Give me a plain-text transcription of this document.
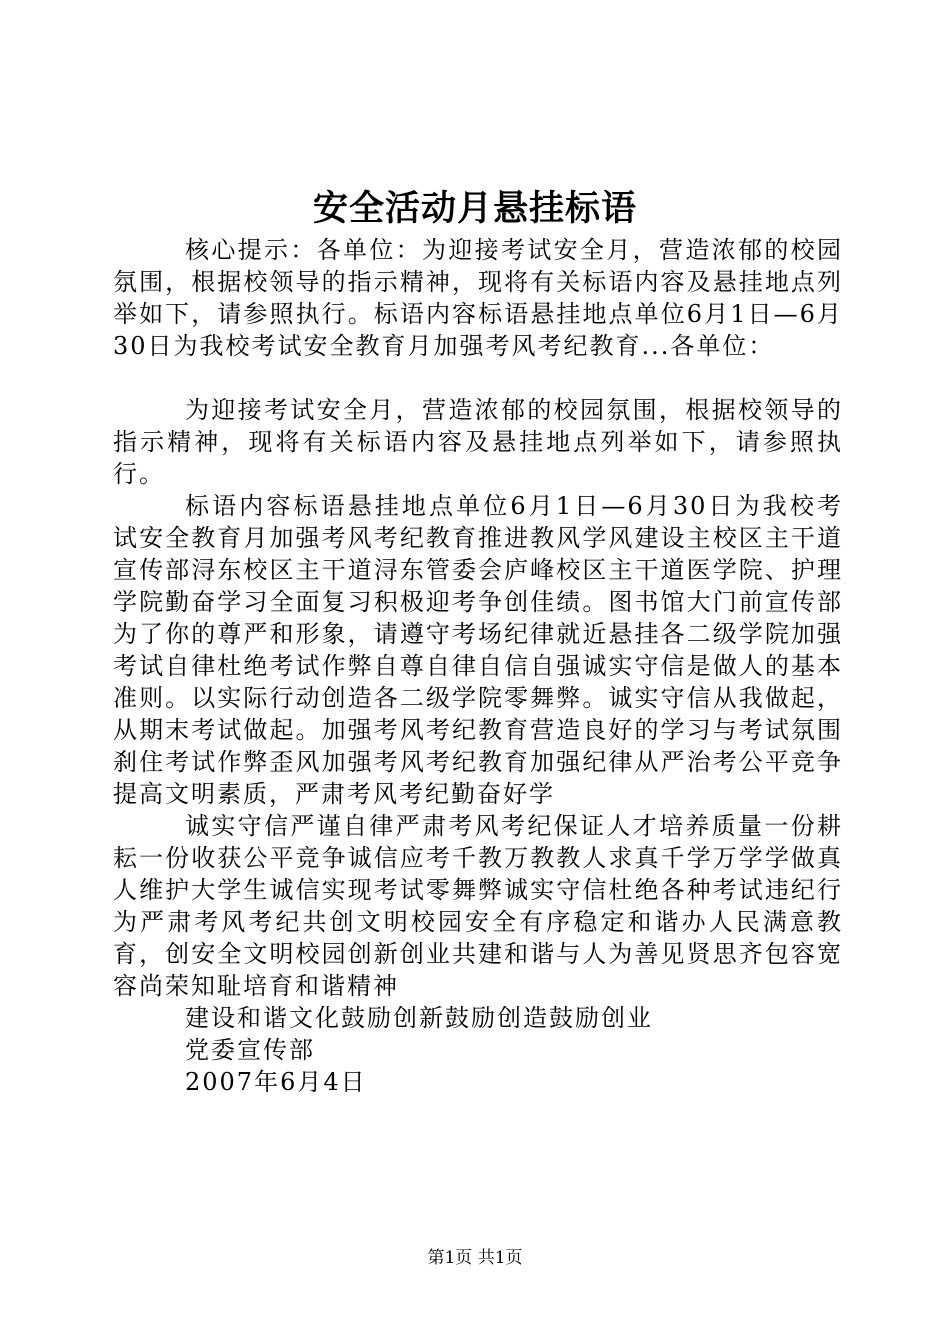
安全活动月悬挂标语

核心提示：各单位：为迎接考试安全月，营造浓郁的校园氛围，根据校领导的指示精神，现将有关标语内容及悬挂地点列举如下，请参照执行。标语内容标语悬挂地点单位6月1日—6月30日为我校考试安全教育月加强考风考纪教育...各单位：

为迎接考试安全月，营造浓郁的校园氛围，根据校领导的指示精神，现将有关标语内容及悬挂地点列举如下，请参照执行。

标语内容标语悬挂地点单位6月1日—6月30日为我校考试安全教育月加强考风考纪教育推进教风学风建设主校区主干道宣传部浔东校区主干道浔东管委会庐峰校区主干道医学院、护理学院勤奋学习全面复习积极迎考争创佳绩。图书馆大门前宣传部为了你的尊严和形象，请遵守考场纪律就近悬挂各二级学院加强考试自律杜绝考试作弊自尊自律自信自强诚实守信是做人的基本准则。以实际行动创造各二级学院零舞弊。诚实守信从我做起，从期末考试做起。加强考风考纪教育营造良好的学习与考试氛围刹住考试作弊歪风加强考风考纪教育加强纪律从严治考公平竞争提高文明素质，严肃考风考纪勤奋好学

诚实守信严谨自律严肃考风考纪保证人才培养质量一份耕耘一份收获公平竞争诚信应考千教万教教人求真千学万学学做真人维护大学生诚信实现考试零舞弊诚实守信杜绝各种考试违纪行为严肃考风考纪共创文明校园安全有序稳定和谐办人民满意教育，创安全文明校园创新创业共建和谐与人为善见贤思齐包容宽容尚荣知耻培育和谐精神

建设和谐文化鼓励创新鼓励创造鼓励创业

党委宣传部

2007年6月4日

第1页 共1页
